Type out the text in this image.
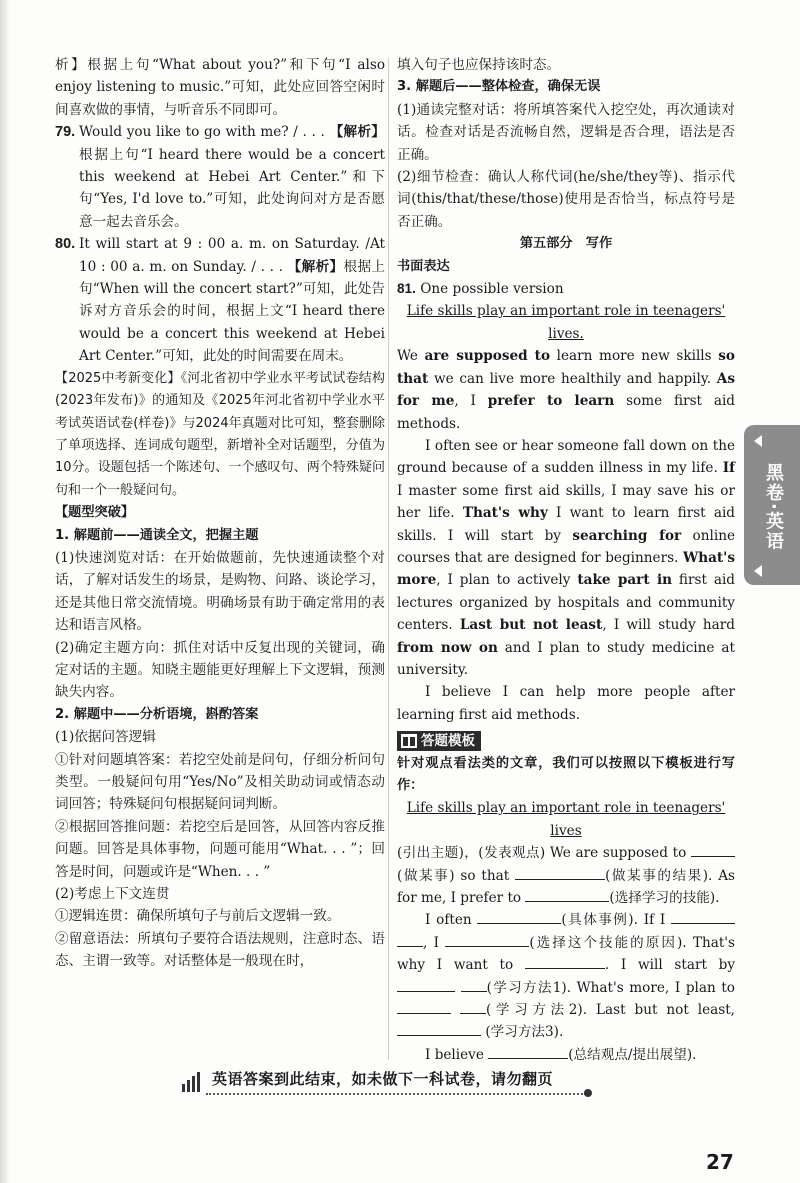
析】根据上句“What about you?”和下句“I also enjoy listening to music.”可知，此处应回答空闲时间喜欢做的事情，与听音乐不同即可。

79. Would you like to go with me? / . . . 【解析】根据上句“I heard there would be a concert this weekend at Hebei Art Center.”和下句“Yes, I'd love to.”可知，此处询问对方是否愿意一起去音乐会。

80. It will start at 9 : 00 a. m. on Saturday. /At 10 : 00 a. m. on Sunday. / . . . 【解析】根据上句“When will the concert start?”可知，此处告诉对方音乐会的时间，根据上文“I heard there would be a concert this weekend at Hebei Art Center.”可知，此处的时间需要在周末。

【2025中考新变化】《河北省初中学业水平考试试卷结构(2023年发布)》的通知及《2025年河北省初中学业水平考试英语试卷(样卷)》与2024年真题对比可知，整套删除了单项选择、连词成句题型，新增补全对话题型，分值为10分。设题包括一个陈述句、一个感叹句、两个特殊疑问句和一个一般疑问句。

【题型突破】

1. 解题前——通读全文，把握主题

(1)快速浏览对话：在开始做题前，先快速通读整个对话，了解对话发生的场景，是购物、问路、谈论学习，还是其他日常交流情境。明确场景有助于确定常用的表达和语言风格。

(2)确定主题方向：抓住对话中反复出现的关键词，确定对话的主题。知晓主题能更好理解上下文逻辑，预测缺失内容。

2. 解题中——分析语境，斟酌答案

(1)依据问答逻辑

①针对问题填答案：若挖空处前是问句，仔细分析问句类型。一般疑问句用“Yes/No”及相关助动词或情态动词回答；特殊疑问句根据疑问词判断。

②根据回答推问题：若挖空后是回答，从回答内容反推问题。回答是具体事物，问题可能用“What. . . ”；回答是时间，问题或许是“When. . . ”

(2)考虑上下文连贯

①逻辑连贯：确保所填句子与前后文逻辑一致。

②留意语法：所填句子要符合语法规则，注意时态、语态、主谓一致等。对话整体是一般现在时，

填入句子也应保持该时态。

3. 解题后——整体检查，确保无误

(1)通读完整对话：将所填答案代入挖空处，再次通读对话。检查对话是否流畅自然，逻辑是否合理，语法是否正确。

(2)细节检查：确认人称代词(he/she/they等)、指示代词(this/that/these/those)使用是否恰当，标点符号是否正确。

第五部分　写作

书面表达

81. One possible version

Life skills play an important role in teenagers' lives.

We are supposed to learn more new skills so that we can live more healthily and happily. As for me, I prefer to learn some first aid methods.

I often see or hear someone fall down on the ground because of a sudden illness in my life. If I master some first aid skills, I may save his or her life. That's why I want to learn first aid skills. I will start by searching for online courses that are designed for beginners. What's more, I plan to actively take part in first aid lectures organized by hospitals and community centers. Last but not least, I will study hard from now on and I plan to study medicine at university.

I believe I can help more people after learning first aid methods.

答题模板

针对观点看法类的文章，我们可以按照以下模板进行写作：

Life skills play an important role in teenagers' lives

(引出主题)，(发表观点) We are supposed to (做某事) so that	(做某事的结果). As for me, I prefer to	(选择学习的技能).

I often	(具体事例). If I  , I	(选择这个技能的原因). That's why I want to	. I will start by  (学习方法1). What's more, I plan to  (学习方法2). Last but not least,  (学习方法3).

I believe	(总结观点/提出展望).

黑卷·英语
英语答案到此结束，如未做下一科试卷，请勿翻页
27
